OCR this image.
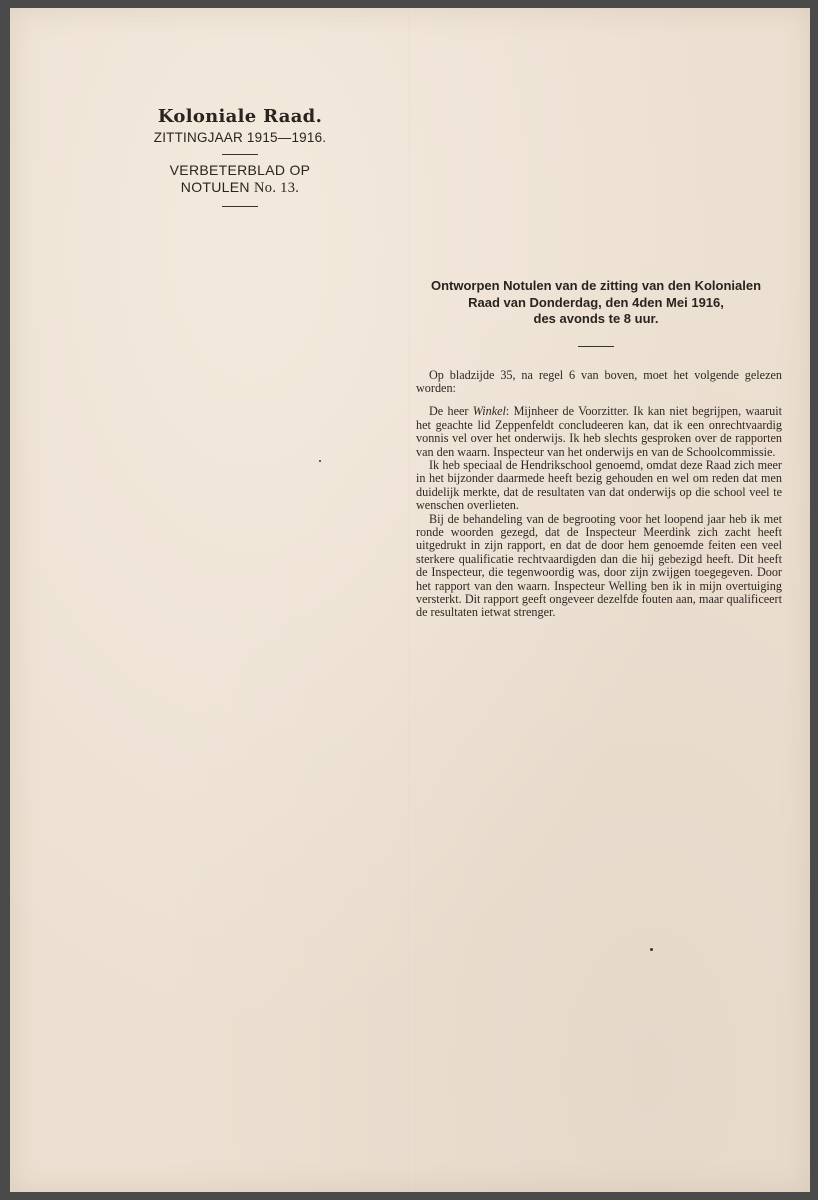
Koloniale Raad.
ZITTINGJAAR 1915—1916.
VERBETERBLAD OP
NOTULEN No. 13.
Ontworpen Notulen van de zitting van den Kolonialen
Raad van Donderdag, den 4den Mei 1916,
des avonds te 8 uur.

Op bladzijde 35, na regel 6 van boven, moet het volgende gelezen worden:

De heer Winkel: Mijnheer de Voorzitter. Ik kan niet begrijpen, waaruit het geachte lid Zeppenfeldt concludeeren kan, dat ik een onrechtvaardig vonnis vel over het onderwijs. Ik heb slechts gesproken over de rapporten van den waarn. Inspecteur van het onderwijs en van de Schoolcommissie.

Ik heb speciaal de Hendrikschool genoemd, omdat deze Raad zich meer in het bijzonder daarmede heeft bezig gehouden en wel om reden dat men duidelijk merkte, dat de resultaten van dat onderwijs op die school veel te wenschen overlieten.

Bij de behandeling van de begrooting voor het loopend jaar heb ik met ronde woorden gezegd, dat de Inspecteur Meerdink zich zacht heeft uitgedrukt in zijn rapport, en dat de door hem genoemde feiten een veel sterkere qualificatie rechtvaardigden dan die hij gebezigd heeft. Dit heeft de Inspecteur, die tegenwoordig was, door zijn zwijgen toegegeven. Door het rapport van den waarn. Inspecteur Welling ben ik in mijn overtuiging versterkt. Dit rapport geeft ongeveer dezelfde fouten aan, maar qualificeert de resultaten ietwat strenger.
